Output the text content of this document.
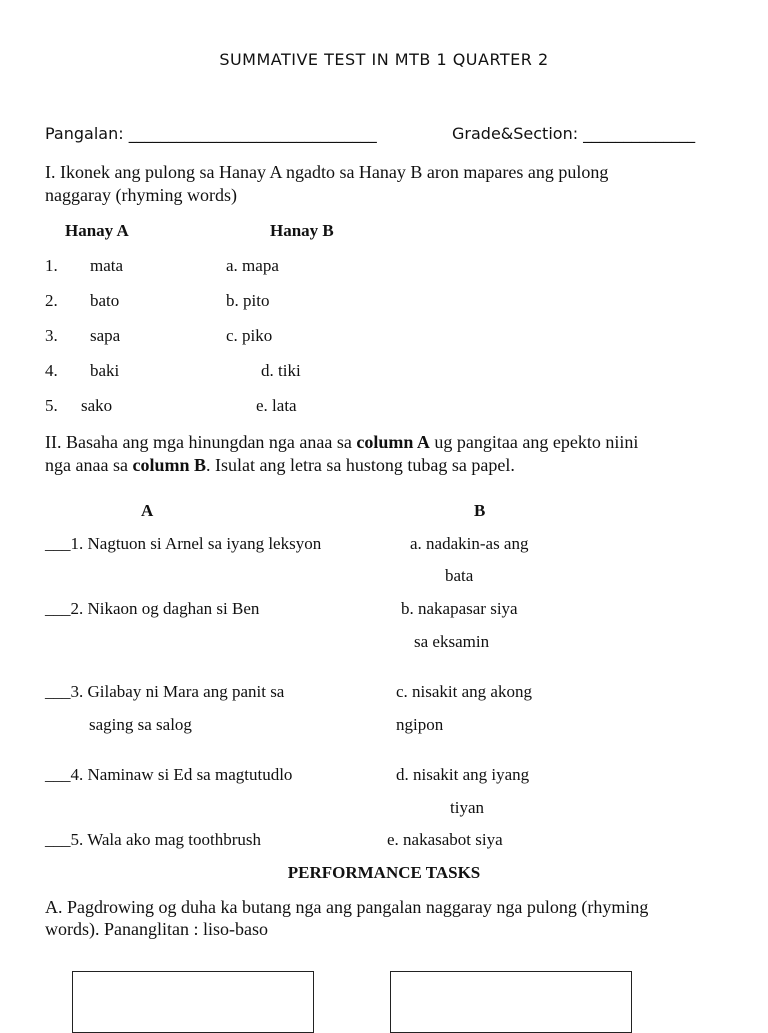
SUMMATIVE TEST IN MTB 1 QUARTER 2
Pangalan: _______________________________	Grade&Section: ______________
I. Ikonek ang pulong sa Hanay A ngadto sa Hanay B aron mapares ang pulong
naggaray (rhyming words)
Hanay A	Hanay B
1. mata	a. mapa
2. bato	b. pito
3. sapa	c. piko
4. baki	d. tiki
5. sako	e. lata
II. Basaha ang mga hinungdan nga anaa sa column A ug pangitaa ang epekto niini
nga anaa sa column B. Isulat ang letra sa hustong tubag sa papel.
A	B
___1. Nagtuon si Arnel sa iyang leksyon	a. nadakin-as ang
bata
___2. Nikaon og daghan si Ben	b. nakapasar siya
sa eksamin
___3. Gilabay ni Mara ang panit sa
saging sa salog
c. nisakit ang akong
ngipon
___4. Naminaw si Ed sa magtutudlo	d. nisakit ang iyang
tiyan
___5. Wala ako mag toothbrush	e. nakasabot siya
PERFORMANCE TASKS
A. Pagdrowing og duha ka butang nga ang pangalan naggaray nga pulong (rhyming
words). Pananglitan : liso-baso
